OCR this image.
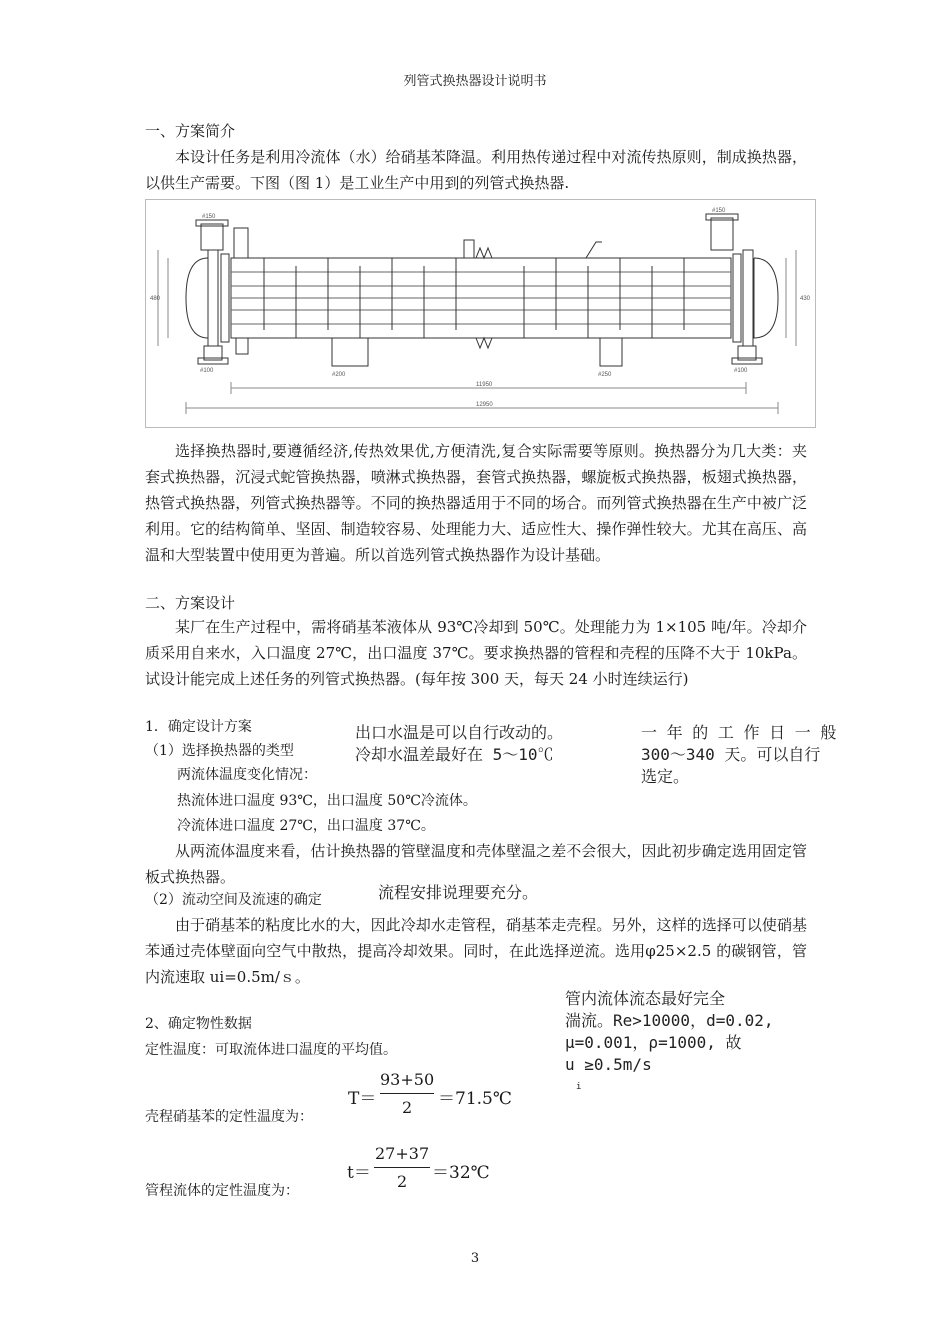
列管式换热器设计说明书
一、方案简介
本设计任务是利用冷流体（水）给硝基苯降温。利用热传递过程中对流传热原则，制成换热器，以供生产需要。下图（图 1）是工业生产中用到的列管式换热器.
11950
12950
#150
#150
#100	#100
#200	#250
480	430
选择换热器时,要遵循经济,传热效果优,方便清洗,复合实际需要等原则。换热器分为几大类：夹套式换热器，沉浸式蛇管换热器，喷淋式换热器，套管式换热器，螺旋板式换热器，板翅式换热器，热管式换热器，列管式换热器等。不同的换热器适用于不同的场合。而列管式换热器在生产中被广泛利用。它的结构简单、坚固、制造较容易、处理能力大、适应性大、操作弹性较大。尤其在高压、高温和大型装置中使用更为普遍。所以首选列管式换热器作为设计基础。
二、方案设计
某厂在生产过程中，需将硝基苯液体从 93℃冷却到 50℃。处理能力为 1×105 吨/年。冷却介质采用自来水，入口温度 27℃，出口温度 37℃。要求换热器的管程和壳程的压降不大于 10kPa。试设计能完成上述任务的列管式换热器。(每年按 300 天，每天 24 小时连续运行)
1．确定设计方案
（1）选择换热器的类型
两流体温度变化情况：
热流体进口温度 93℃，出口温度 50℃冷流体。
冷流体进口温度 27℃，出口温度 37℃。
从两流体温度来看，估计换热器的管壁温度和壳体壁温之差不会很大，因此初步确定选用固定管板式换热器。
（2）流动空间及流速的确定
由于硝基苯的粘度比水的大，因此冷却水走管程，硝基苯走壳程。另外，这样的选择可以使硝基苯通过壳体壁面向空气中散热，提高冷却效果。同时，在此选择逆流。选用φ25×2.5 的碳钢管，管内流速取 ui=0.5m/ｓ。
2、确定物性数据
定性温度：可取流体进口温度的平均值。
T＝
93+50
2 ＝71.5℃
壳程硝基苯的定性温度为：
t＝
27+37
2 ＝32℃
管程流体的定性温度为：
出口水温是可以自行改动的。
冷却水温差最好在 5～10℃
一 年 的 工 作 日 一 般
300～340 天。可以自行
选定。
流程安排说理要充分。
管内流体流态最好完全
湍流。Re>10000，d=0.02,
μ=0.001，ρ=1000, 故
u ≥0.5m/s
i
3
